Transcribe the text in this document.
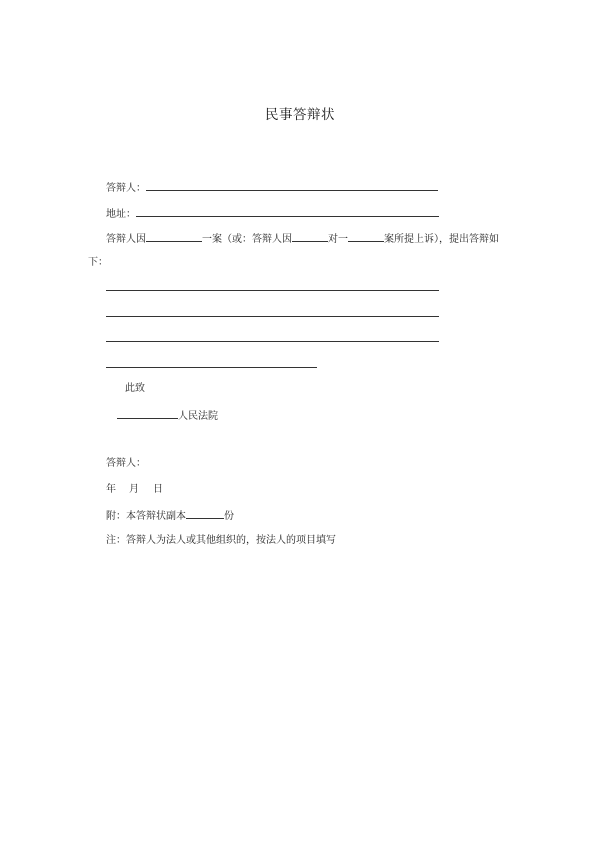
民事答辩状
答辩人：
地址：
答辩人因	一案（或：答辩人因	对一	案所提上诉），提出答辩如
下：
此致
人民法院
答辩人：
年 月 日
附：本答辩状副本	份
注：答辩人为法人或其他组织的，按法人的项目填写
